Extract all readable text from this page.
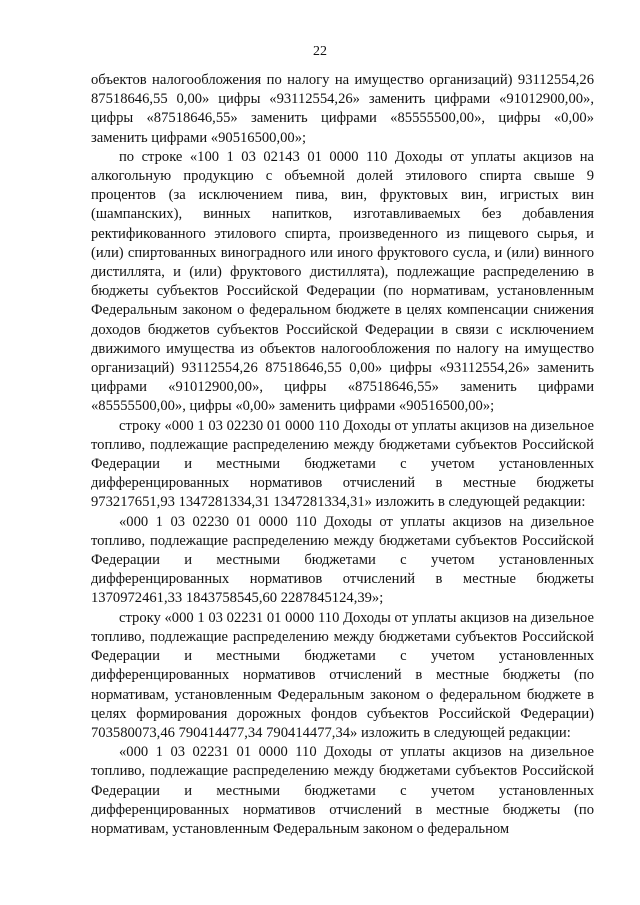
22

объектов налогообложения по налогу на имущество организаций) 93112554,26 87518646,55 0,00» цифры «93112554,26» заменить цифрами «91012900,00», цифры «87518646,55» заменить цифрами «85555500,00», цифры «0,00» заменить цифрами «90516500,00»;

по строке «100 1 03 02143 01 0000 110 Доходы от уплаты акцизов на алкогольную продукцию с объемной долей этилового спирта свыше 9 процентов (за исключением пива, вин, фруктовых вин, игристых вин (шампанских), винных напитков, изготавливаемых без добавления ректификованного этилового спирта, произведенного из пищевого сырья, и (или) спиртованных виноградного или иного фруктового сусла, и (или) винного дистиллята, и (или) фруктового дистиллята), подлежащие распределению в бюджеты субъектов Российской Федерации (по нормативам, установленным Федеральным законом о федеральном бюджете в целях компенсации снижения доходов бюджетов субъектов Российской Федерации в связи с исключением движимого имущества из объектов налогообложения по налогу на имущество организаций) 93112554,26 87518646,55 0,00» цифры «93112554,26» заменить цифрами «91012900,00», цифры «87518646,55» заменить цифрами «85555500,00», цифры «0,00» заменить цифрами «90516500,00»;

строку «000 1 03 02230 01 0000 110 Доходы от уплаты акцизов на дизельное топливо, подлежащие распределению между бюджетами субъектов Российской Федерации и местными бюджетами с учетом установленных дифференцированных нормативов отчислений в местные бюджеты 973217651,93 1347281334,31 1347281334,31» изложить в следующей редакции:

«000 1 03 02230 01 0000 110 Доходы от уплаты акцизов на дизельное топливо, подлежащие распределению между бюджетами субъектов Российской Федерации и местными бюджетами с учетом установленных дифференцированных нормативов отчислений в местные бюджеты 1370972461,33 1843758545,60 2287845124,39»;

строку «000 1 03 02231 01 0000 110 Доходы от уплаты акцизов на дизельное топливо, подлежащие распределению между бюджетами субъектов Российской Федерации и местными бюджетами с учетом установленных дифференцированных нормативов отчислений в местные бюджеты (по нормативам, установленным Федеральным законом о федеральном бюджете в целях формирования дорожных фондов субъектов Российской Федерации) 703580073,46 790414477,34 790414477,34» изложить в следующей редакции:

«000 1 03 02231 01 0000 110 Доходы от уплаты акцизов на дизельное топливо, подлежащие распределению между бюджетами субъектов Российской Федерации и местными бюджетами с учетом установленных дифференцированных нормативов отчислений в местные бюджеты (по нормативам, установленным Федеральным законом о федеральном
